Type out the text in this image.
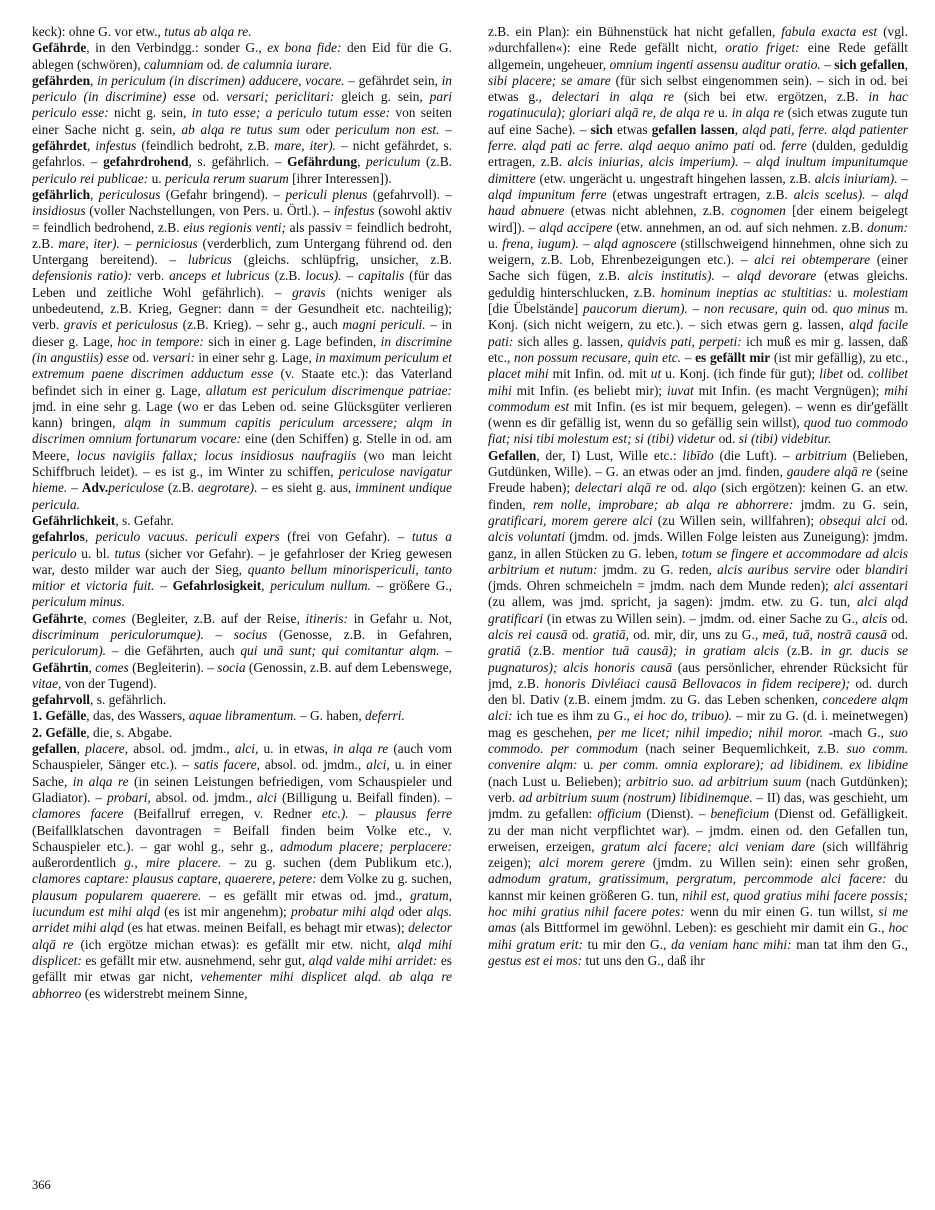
keck): ohne G. vor etw., tutus ab alqa re.

Gefährde, in den Verbindgg.: sonder G., ex bona fide: den Eid für die G. ablegen (schwören), calumniam od. de calumnia iurare.

gefährden, in periculum (in discrimen) adducere, vocare. – gefährdet sein, in periculo (in discrimine) esse od. versari; periclitari: gleich g. sein, pari periculo esse: nicht g. sein, in tuto esse; a periculo tutum esse: von seiten einer Sache nicht g. sein, ab alqa re tutus sum oder periculum non est. – gefährdet, infestus (feindlich bedroht, z.B. mare, iter). – nicht gefährdet, s. gefahrlos. – gefahrdrohend, s. gefährlich. – Gefährdung, periculum (z.B. periculo rei publicae: u. pericula rerum suarum [ihrer Interessen]).

gefährlich, periculosus (Gefahr bringend). – periculi plenus (gefahrvoll). – insidiosus (voller Nachstellungen, von Pers. u. Örtl.). – infestus (sowohl aktiv = feindlich bedrohend, z.B. eius regionis venti; als passiv = feindlich bedroht, z.B. mare, iter). – perniciosus (verderblich, zum Untergang führend od. den Untergang bereitend). – lubricus (gleichs. schlüpfrig, unsicher, z.B. defensionis ratio): verb. anceps et lubricus (z.B. locus). – capitalis (für das Leben und zeitliche Wohl gefährlich). – gravis (nichts weniger als unbedeutend, z.B. Krieg, Gegner: dann = der Gesundheit etc. nachteilig); verb. gravis et periculosus (z.B. Krieg). – sehr g., auch magni periculi. – in dieser g. Lage, hoc in tempore: sich in einer g. Lage befinden, in discrimine (in angustiis) esse od. versari: in einer sehr g. Lage, in maximum periculum et extremum paene discrimen adductum esse (v. Staate etc.): das Vaterland befindet sich in einer g. Lage, allatum est periculum discrimenque patriae: jmd. in eine sehr g. Lage (wo er das Leben od. seine Glücksgüter verlieren kann) bringen, alqm in summum capitis periculum arcessere; alqm in discrimen omnium fortunarum vocare: eine (den Schiffen) g. Stelle in od. am Meere, locus navigiis fallax; locus insidiosus naufragiis (wo man leicht Schiffbruch leidet). – es ist g., im Winter zu schiffen, periculose navigatur hieme. – Adv.periculose (z.B. aegrotare). – es sieht g. aus, imminent undique pericula.

Gefährlichkeit, s. Gefahr.

gefahrlos, periculo vacuus. periculi expers (frei von Gefahr). – tutus a periculo u. bl. tutus (sicher vor Gefahr). – je gefahrloser der Krieg gewesen war, desto milder war auch der Sieg, quanto bellum minorispericuli, tanto mitior et victoria fuit. – Gefahrlosigkeit, periculum nullum. – größere G., periculum minus.

Gefährte, comes (Begleiter, z.B. auf der Reise, itineris: in Gefahr u. Not, discriminum periculorumque). – socius (Genosse, z.B. in Gefahren, periculorum). – die Gefährten, auch qui unā sunt; qui comitantur alqm. – Gefährtin, comes (Begleiterin). – socia (Genossin, z.B. auf dem Lebenswege, vitae, von der Tugend).

gefahrvoll, s. gefährlich.

1. Gefälle, das, des Wassers, aquae libramentum. – G. haben, deferri.

2. Gefälle, die, s. Abgabe.

gefallen, placere, absol. od. jmdm., alci, u. in etwas, in alqa re (auch vom Schauspieler, Sänger etc.). – satis facere, absol. od. jmdm., alci, u. in einer Sache, in alqa re (in seinen Leistungen befriedigen, vom Schauspieler und Gladiator). – probari, absol. od. jmdm., alci (Billigung u. Beifall finden). – clamores facere (Beifallruf erregen, v. Redner etc.). – plausus ferre (Beifallklatschen davontragen = Beifall finden beim Volke etc., v. Schauspieler etc.). – gar wohl g., sehr g., admodum placere; perplacere: außerordentlich g., mire placere. – zu g. suchen (dem Publikum etc.), clamores captare: plausus captare, quaerere, petere: dem Volke zu g. suchen, plausum popularem quaerere. – es gefällt mir etwas od. jmd., gratum, iucundum est mihi alqd (es ist mir angenehm); probatur mihi alqd oder alqs. arridet mihi alqd (es hat etwas. meinen Beifall, es behagt mir etwas); delector alqā re (ich ergötze michan etwas): es gefällt mir etw. nicht, alqd mihi displicet: es gefällt mir etw. ausnehmend, sehr gut, alqd valde mihi arridet: es gefällt mir etwas gar nicht, vehementer mihi displicet alqd. ab alqa re abhorreo (es widerstrebt meinem Sinne,

z.B. ein Plan): ein Bühnenstück hat nicht gefallen, fabula exacta est (vgl. »durchfallen«): eine Rede gefällt nicht, oratio friget: eine Rede gefällt allgemein, ungeheuer, omnium ingenti assensu auditur oratio. – sich gefallen, sibi placere; se amare (für sich selbst eingenommen sein). – sich in od. bei etwas g., delectari in alqa re (sich bei etw. ergötzen, z.B. in hac rogatinucula); gloriari alqā re, de alqa re u. in alqa re (sich etwas zugute tun auf eine Sache). – sich etwas gefallen lassen, alqd pati, ferre. alqd patienter ferre. alqd pati ac ferre. alqd aequo animo pati od. ferre (dulden, geduldig ertragen, z.B. alcis iniurias, alcis imperium). – alqd inultum impunitumque dimittere (etw. ungerächt u. ungestraft hingehen lassen, z.B. alcis iniuriam). – alqd impunitum ferre (etwas ungestraft ertragen, z.B. alcis scelus). – alqd haud abnuere (etwas nicht ablehnen, z.B. cognomen [der einem beigelegt wird]). – alqd accipere (etw. annehmen, an od. auf sich nehmen. z.B. donum: u. frena, iugum). – alqd agnoscere (stillschweigend hinnehmen, ohne sich zu weigern, z.B. Lob, Ehrenbezeigungen etc.). – alci rei obtemperare (einer Sache sich fügen, z.B. alcis institutis). – alqd devorare (etwas gleichs. geduldig hinterschlucken, z.B. hominum ineptias ac stultitias: u. molestiam [die Übelstände] paucorum dierum). – non recusare, quin od. quo minus m. Konj. (sich nicht weigern, zu etc.). – sich etwas gern g. lassen, alqd facile pati: sich alles g. lassen, quidvis pati, perpeti: ich muß es mir g. lassen, daß etc., non possum recusare, quin etc. – es gefällt mir (ist mir gefällig), zu etc., placet mihi mit Infin. od. mit ut u. Konj. (ich finde für gut); libet od. collibet mihi mit Infin. (es beliebt mir); iuvat mit Infin. (es macht Vergnügen); mihi commodum est mit Infin. (es ist mir bequem, gelegen). – wenn es dir'gefällt (wenn es dir gefällig ist, wenn du so gefällig sein willst), quod tuo commodo fiat; nisi tibi molestum est; si (tibi) videtur od. si (tibi) videbitur.

Gefallen, der, I) Lust, Wille etc.: libīdo (die Luft). – arbitrium (Belieben, Gutdünken, Wille). – G. an etwas oder an jmd. finden, gaudere alqā re (seine Freude haben); delectari alqā re od. alqo (sich ergötzen): keinen G. an etw. finden, rem nolle, improbare; ab alqa re abhorrere: jmdm. zu G. sein, gratificari, morem gerere alci (zu Willen sein, willfahren); obsequi alci od. alcis voluntati (jmdm. od. jmds. Willen Folge leisten aus Zuneigung): jmdm. ganz, in allen Stücken zu G. leben, totum se fingere et accommodare ad alcis arbitrium et nutum: jmdm. zu G. reden, alcis auribus servire oder blandiri (jmds. Ohren schmeicheln = jmdm. nach dem Munde reden); alci assentari (zu allem, was jmd. spricht, ja sagen): jmdm. etw. zu G. tun, alci alqd gratificari (in etwas zu Willen sein). – jmdm. od. einer Sache zu G., alcis od. alcis rei causā od. gratiā, od. mir, dir, uns zu G., meā, tuā, nostrā causā od. gratiā (z.B. mentior tuā causā); in gratiam alcis (z.B. in gr. ducis se pugnaturos); alcis honoris causā (aus persönlicher, ehrender Rücksicht für jmd, z.B. honoris Divléiaci causā Bellovacos in fidem recipere); od. durch den bl. Dativ (z.B. einem jmdm. zu G. das Leben schenken, concedere alqm alci: ich tue es ihm zu G., ei hoc do, tribuo). – mir zu G. (d. i. meinetwegen) mag es geschehen, per me licet; nihil impedio; nihil moror. -mach G., suo commodo. per commodum (nach seiner Bequemlichkeit, z.B. suo comm. convenire alqm: u. per comm. omnia explorare); ad libidinem. ex libidine (nach Lust u. Belieben); arbitrio suo. ad arbitrium suum (nach Gutdünken); verb. ad arbitrium suum (nostrum) libidinemque. – II) das, was geschieht, um jmdm. zu gefallen: officium (Dienst). – beneficium (Dienst od. Gefälligkeit. zu der man nicht verpflichtet war). – jmdm. einen od. den Gefallen tun, erweisen, erzeigen, gratum alci facere; alci veniam dare (sich willfährig zeigen); alci morem gerere (jmdm. zu Willen sein): einen sehr großen, admodum gratum, gratissimum, pergratum, percommode alci facere: du kannst mir keinen größeren G. tun, nihil est, quod gratius mihi facere possis; hoc mihi gratius nihil facere potes: wenn du mir einen G. tun willst, si me amas (als Bittformel im gewöhnl. Leben): es geschieht mir damit ein G., hoc mihi gratum erit: tu mir den G., da veniam hanc mihi: man tat ihm den G., gestus est ei mos: tut uns den G., daß ihr

366
